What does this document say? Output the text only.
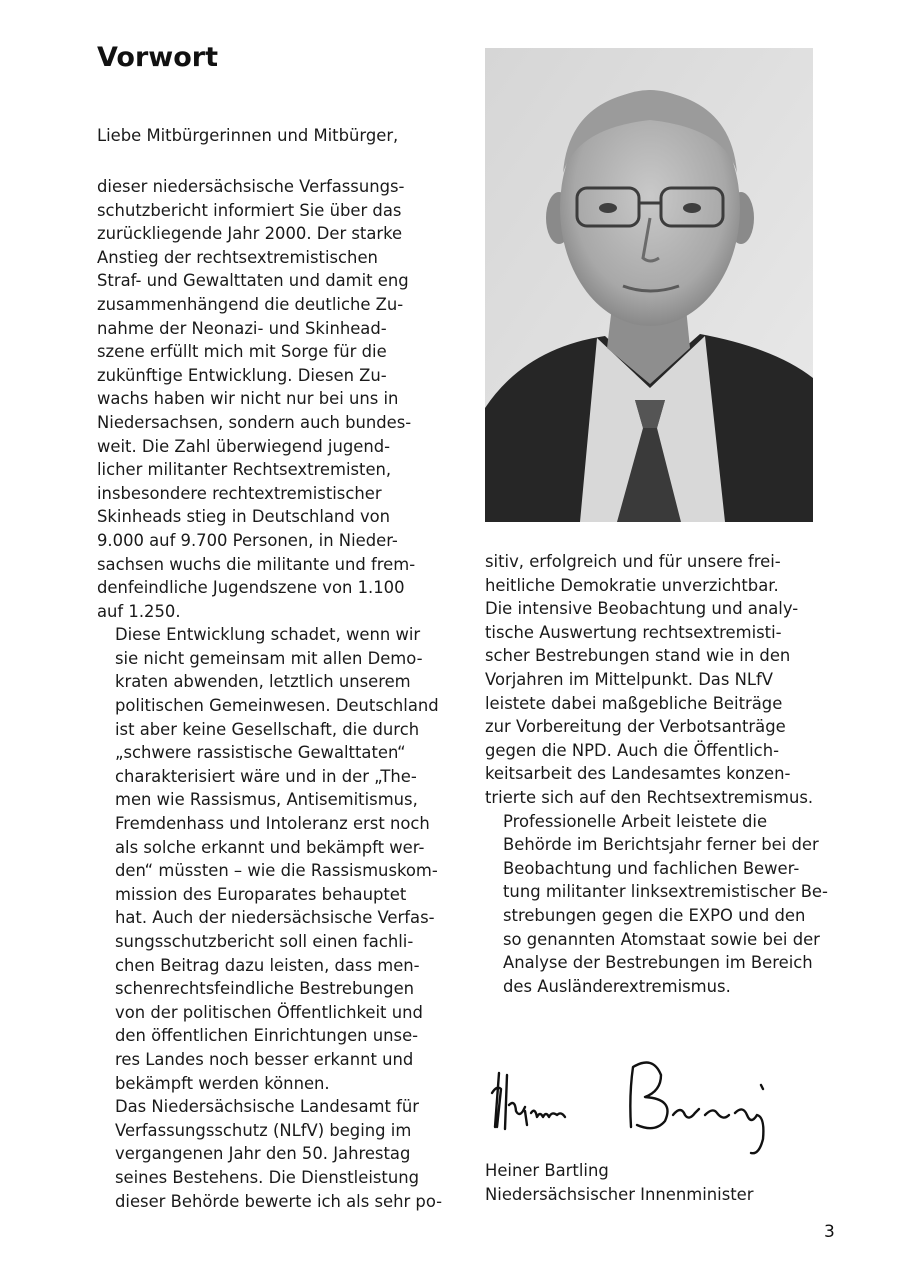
Vorwort

Liebe Mitbürgerinnen und Mitbürger,

dieser niedersächsische Verfassungs-
schutzbericht informiert Sie über das
zurückliegende Jahr 2000. Der starke
Anstieg der rechtsextremistischen
Straf- und Gewalttaten und damit eng
zusammenhängend die deutliche Zu-
nahme der Neonazi- und Skinhead-
szene erfüllt mich mit Sorge für die
zukünftige Entwicklung. Diesen Zu-
wachs haben wir nicht nur bei uns in
Niedersachsen, sondern auch bundes-
weit. Die Zahl überwiegend jugend-
licher militanter Rechtsextremisten,
insbesondere rechtextremistischer
Skinheads stieg in Deutschland von
9.000 auf 9.700 Personen, in Nieder-
sachsen wuchs die militante und frem-
denfeindliche Jugendszene von 1.100
auf 1.250.

Diese Entwicklung schadet, wenn wir
sie nicht gemeinsam mit allen Demo-
kraten abwenden, letztlich unserem
politischen Gemeinwesen. Deutschland
ist aber keine Gesellschaft, die durch
„schwere rassistische Gewalttaten“
charakterisiert wäre und in der „The-
men wie Rassismus, Antisemitismus,
Fremdenhass und Intoleranz erst noch
als solche erkannt und bekämpft wer-
den“ müssten – wie die Rassismuskom-
mission des Europarates behauptet
hat. Auch der niedersächsische Verfas-
sungsschutzbericht soll einen fachli-
chen Beitrag dazu leisten, dass men-
schenrechtsfeindliche Bestrebungen
von der politischen Öffentlichkeit und
den öffentlichen Einrichtungen unse-
res Landes noch besser erkannt und
bekämpft werden können.

Das Niedersächsische Landesamt für
Verfassungsschutz (NLfV) beging im
vergangenen Jahr den 50. Jahrestag
seines Bestehens. Die Dienstleistung
dieser Behörde bewerte ich als sehr po-

sitiv, erfolgreich und für unsere frei-
heitliche Demokratie unverzichtbar.
Die intensive Beobachtung und analy-
tische Auswertung rechtsextremisti-
scher Bestrebungen stand wie in den
Vorjahren im Mittelpunkt. Das NLfV
leistete dabei maßgebliche Beiträge
zur Vorbereitung der Verbotsanträge
gegen die NPD. Auch die Öffentlich-
keitsarbeit des Landesamtes konzen-
trierte sich auf den Rechtsextremismus.

Professionelle Arbeit leistete die
Behörde im Berichtsjahr ferner bei der
Beobachtung und fachlichen Bewer-
tung militanter linksextremistischer Be-
strebungen gegen die EXPO und den
so genannten Atomstaat sowie bei der
Analyse der Bestrebungen im Bereich
des Ausländerextremismus.

Heiner Bartling
Niedersächsischer Innenminister
3
